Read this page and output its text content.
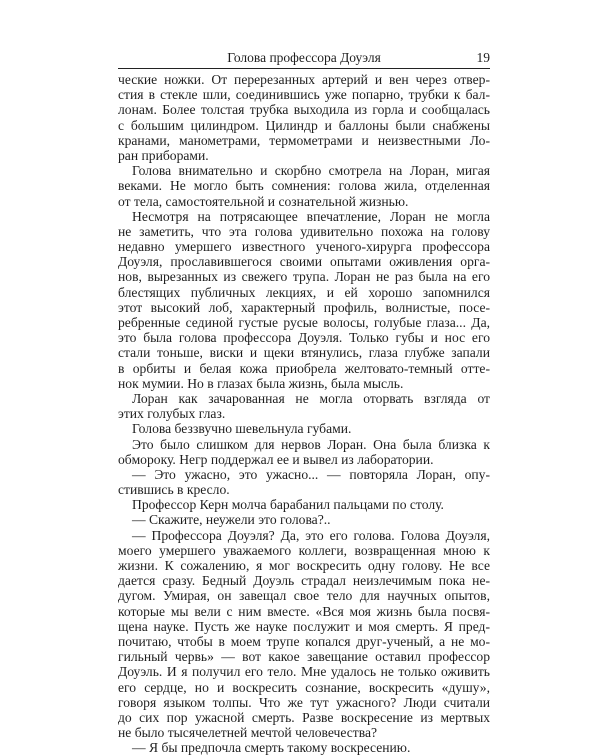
Голова профессора Доуэля	19
ческие ножки. От перерезанных артерий и вен через отвер-
стия в стекле шли, соединившись уже попарно, трубки к бал-
лонам. Более толстая трубка выходила из горла и сообщалась
с большим цилиндром. Цилиндр и баллоны были снабжены
кранами, манометрами, термометрами и неизвестными Ло-
ран приборами.
Голова внимательно и скорбно смотрела на Лоран, мигая
веками. Не могло быть сомнения: голова жила, отделенная
от тела, самостоятельной и сознательной жизнью.
Несмотря на потрясающее впечатление, Лоран не могла
не заметить, что эта голова удивительно похожа на голову
недавно умершего известного ученого-хирурга профессора
Доуэля, прославившегося своими опытами оживления орга-
нов, вырезанных из свежего трупа. Лоран не раз была на его
блестящих публичных лекциях, и ей хорошо запомнился
этот высокий лоб, характерный профиль, волнистые, посе-
ребренные сединой густые русые волосы, голубые глаза... Да,
это была голова профессора Доуэля. Только губы и нос его
стали тоньше, виски и щеки втянулись, глаза глубже запали
в орбиты и белая кожа приобрела желтовато-темный отте-
нок мумии. Но в глазах была жизнь, была мысль.
Лоран как зачарованная не могла оторвать взгляда от
этих голубых глаз.
Голова беззвучно шевельнула губами.
Это было слишком для нервов Лоран. Она была близка к
обмороку. Негр поддержал ее и вывел из лаборатории.
— Это ужасно, это ужасно... — повторяла Лоран, опу-
стившись в кресло.
Профессор Керн молча барабанил пальцами по столу.
— Скажите, неужели это голова?..
— Профессора Доуэля? Да, это его голова. Голова Доуэля,
моего умершего уважаемого коллеги, возвращенная мною к
жизни. К сожалению, я мог воскресить одну голову. Не все
дается сразу. Бедный Доуэль страдал неизлечимым пока не-
дугом. Умирая, он завещал свое тело для научных опытов,
которые мы вели с ним вместе. «Вся моя жизнь была посвя-
щена науке. Пусть же науке послужит и моя смерть. Я пред-
почитаю, чтобы в моем трупе копался друг-ученый, а не мо-
гильный червь» — вот какое завещание оставил профессор
Доуэль. И я получил его тело. Мне удалось не только оживить
его сердце, но и воскресить сознание, воскресить «душу»,
говоря языком толпы. Что же тут ужасного? Люди считали
до сих пор ужасной смерть. Разве воскресение из мертвых
не было тысячелетней мечтой человечества?
— Я бы предпочла смерть такому воскресению.
